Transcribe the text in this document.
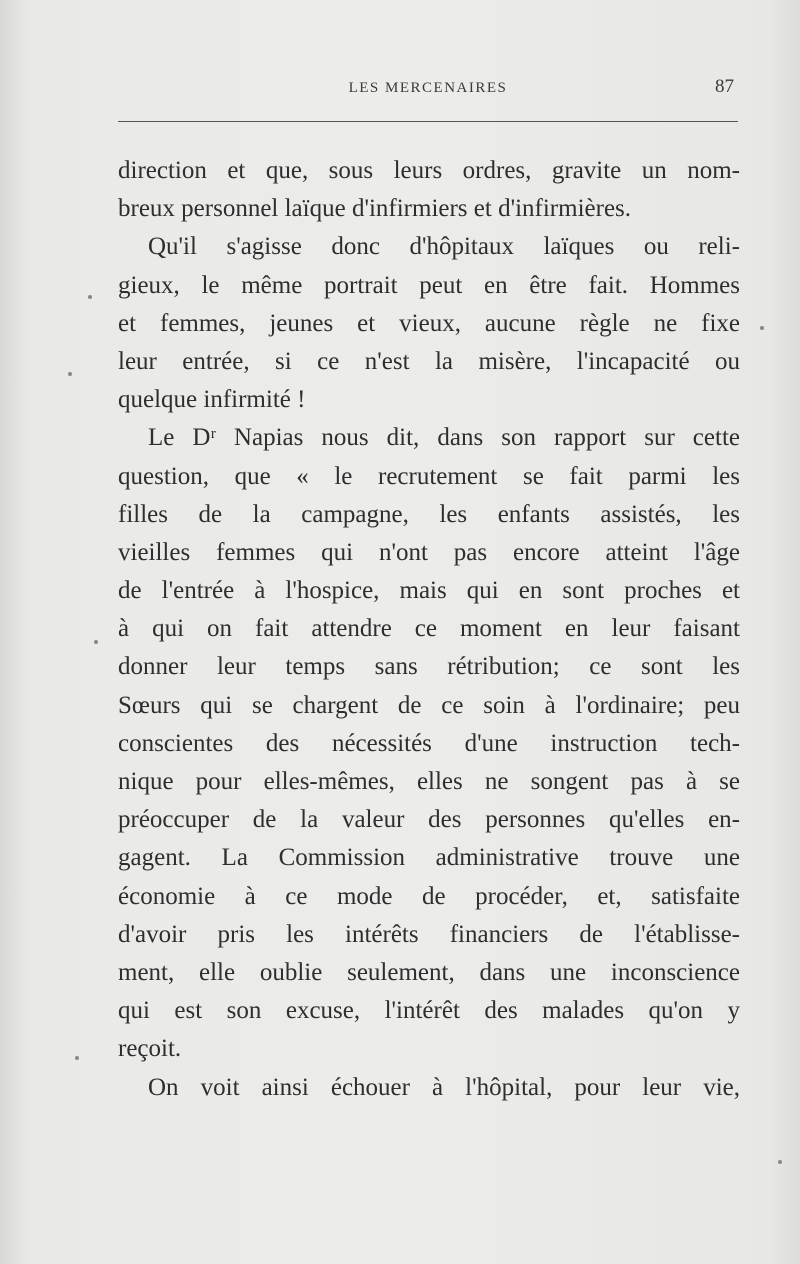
LES MERCENAIRES	87
direction et que, sous leurs ordres, gravite un nom-
breux personnel laïque d'infirmiers et d'infirmières.
Qu'il s'agisse donc d'hôpitaux laïques ou reli-
gieux, le même portrait peut en être fait. Hommes
et femmes, jeunes et vieux, aucune règle ne fixe
leur entrée, si ce n'est la misère, l'incapacité ou
quelque infirmité !
Le Dʳ Napias nous dit, dans son rapport sur cette
question, que « le recrutement se fait parmi les
filles de la campagne, les enfants assistés, les
vieilles femmes qui n'ont pas encore atteint l'âge
de l'entrée à l'hospice, mais qui en sont proches et
à qui on fait attendre ce moment en leur faisant
donner leur temps sans rétribution; ce sont les
Sœurs qui se chargent de ce soin à l'ordinaire; peu
conscientes des nécessités d'une instruction tech-
nique pour elles-mêmes, elles ne songent pas à se
préoccuper de la valeur des personnes qu'elles en-
gagent. La Commission administrative trouve une
économie à ce mode de procéder, et, satisfaite
d'avoir pris les intérêts financiers de l'établisse-
ment, elle oublie seulement, dans une inconscience
qui est son excuse, l'intérêt des malades qu'on y
reçoit.
On voit ainsi échouer à l'hôpital, pour leur vie,
